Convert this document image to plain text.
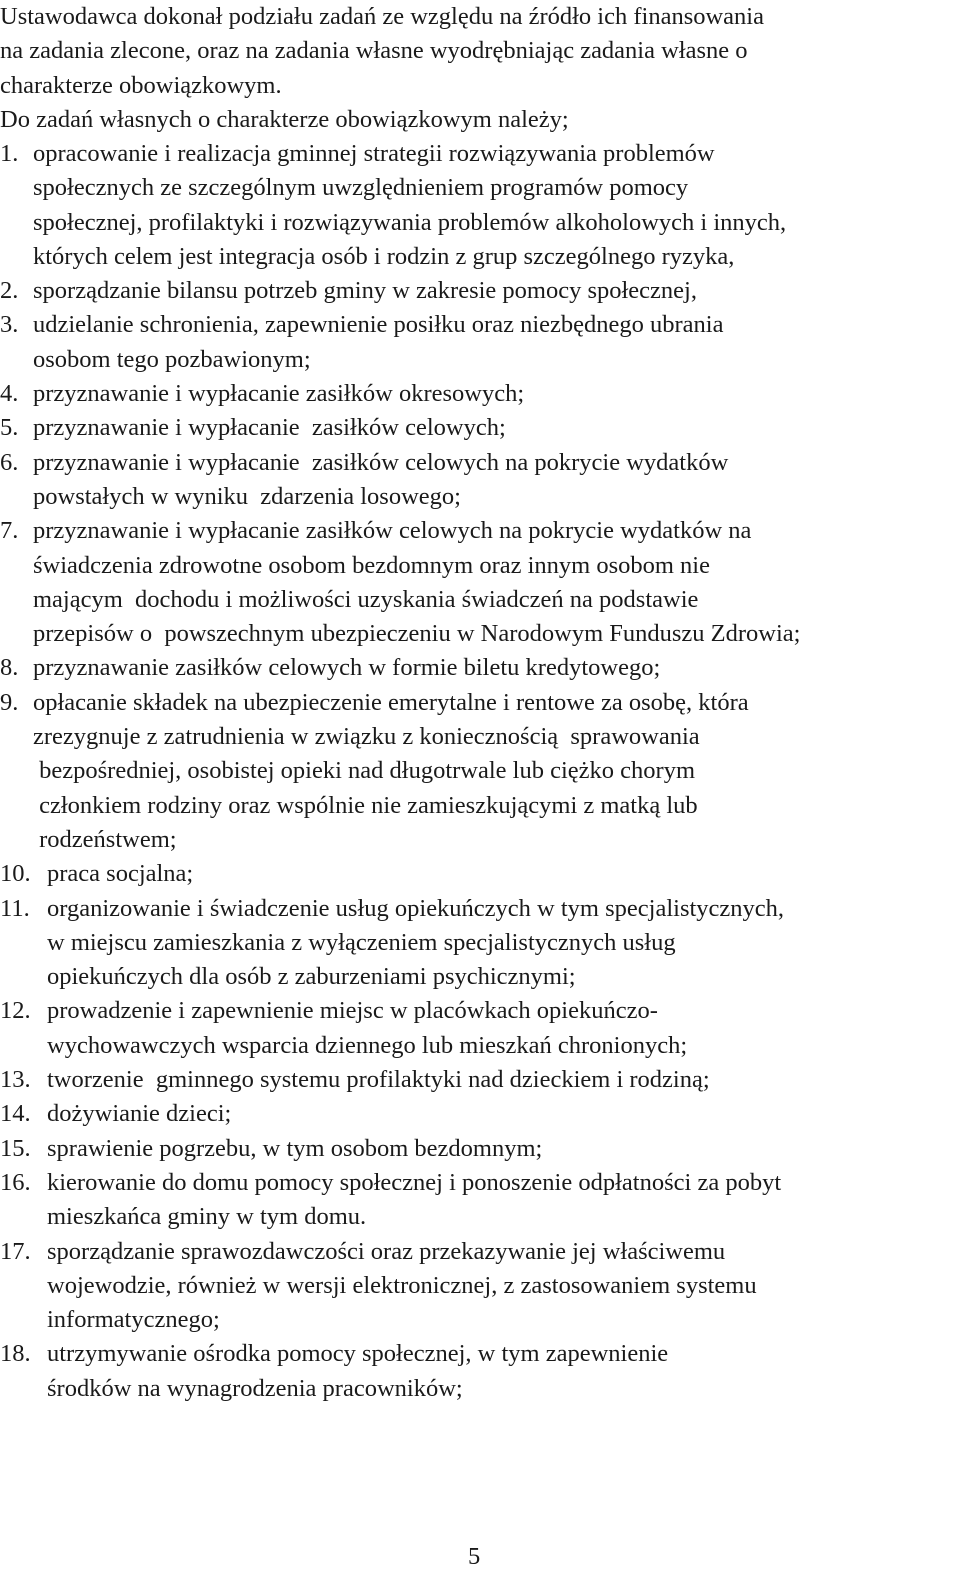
Ustawodawca dokonał podziału zadań ze względu na źródło ich finansowania
na zadania zlecone, oraz na zadania własne wyodrębniając zadania własne o
charakterze obowiązkowym.
Do zadań własnych o charakterze obowiązkowym należy;
1. opracowanie i realizacja gminnej strategii rozwiązywania problemów
społecznych ze szczególnym uwzględnieniem programów pomocy
społecznej, profilaktyki i rozwiązywania problemów alkoholowych i innych,
których celem jest integracja osób i rodzin z grup szczególnego ryzyka,
2. sporządzanie bilansu potrzeb gminy w zakresie pomocy społecznej,
3. udzielanie schronienia, zapewnienie posiłku oraz niezbędnego ubrania
osobom tego pozbawionym;
4. przyznawanie i wypłacanie zasiłków okresowych;
5. przyznawanie i wypłacanie  zasiłków celowych;
6. przyznawanie i wypłacanie  zasiłków celowych na pokrycie wydatków
powstałych w wyniku  zdarzenia losowego;
7. przyznawanie i wypłacanie zasiłków celowych na pokrycie wydatków na
świadczenia zdrowotne osobom bezdomnym oraz innym osobom nie
mającym  dochodu i możliwości uzyskania świadczeń na podstawie
przepisów o  powszechnym ubezpieczeniu w Narodowym Funduszu Zdrowia;
8. przyznawanie zasiłków celowych w formie biletu kredytowego;
9. opłacanie składek na ubezpieczenie emerytalne i rentowe za osobę, która
zrezygnuje z zatrudnienia w związku z koniecznością  sprawowania
bezpośredniej, osobistej opieki nad długotrwale lub ciężko chorym
członkiem rodziny oraz wspólnie nie zamieszkującymi z matką lub
rodzeństwem;
10. praca socjalna;
11. organizowanie i świadczenie usług opiekuńczych w tym specjalistycznych,
w miejscu zamieszkania z wyłączeniem specjalistycznych usług
opiekuńczych dla osób z zaburzeniami psychicznymi;
12. prowadzenie i zapewnienie miejsc w placówkach opiekuńczo-
wychowawczych wsparcia dziennego lub mieszkań chronionych;
13. tworzenie  gminnego systemu profilaktyki nad dzieckiem i rodziną;
14. dożywianie dzieci;
15. sprawienie pogrzebu, w tym osobom bezdomnym;
16. kierowanie do domu pomocy społecznej i ponoszenie odpłatności za pobyt
mieszkańca gminy w tym domu.
17. sporządzanie sprawozdawczości oraz przekazywanie jej właściwemu
wojewodzie, również w wersji elektronicznej, z zastosowaniem systemu
informatycznego;
18. utrzymywanie ośrodka pomocy społecznej, w tym zapewnienie
środków na wynagrodzenia pracowników;
5
